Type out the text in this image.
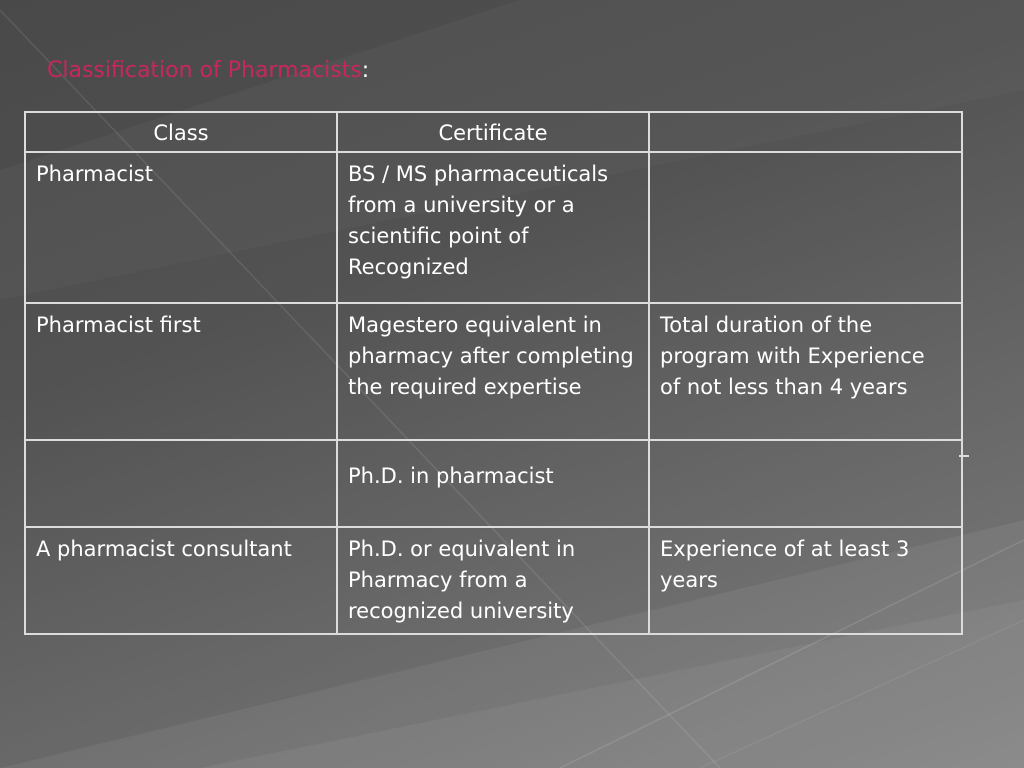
Classification of Pharmacists:
Class	Certificate	
Pharmacist	BS / MS pharmaceuticals from a university or a scientific point of Recognized	
Pharmacist first	Magestero equivalent in pharmacy after completing the required expertise	Total duration of the program with Experience of not less than 4 years
	Ph.D. in pharmacist	
A pharmacist consultant	Ph.D. or equivalent in Pharmacy from a recognized university	Experience of at least 3 years
